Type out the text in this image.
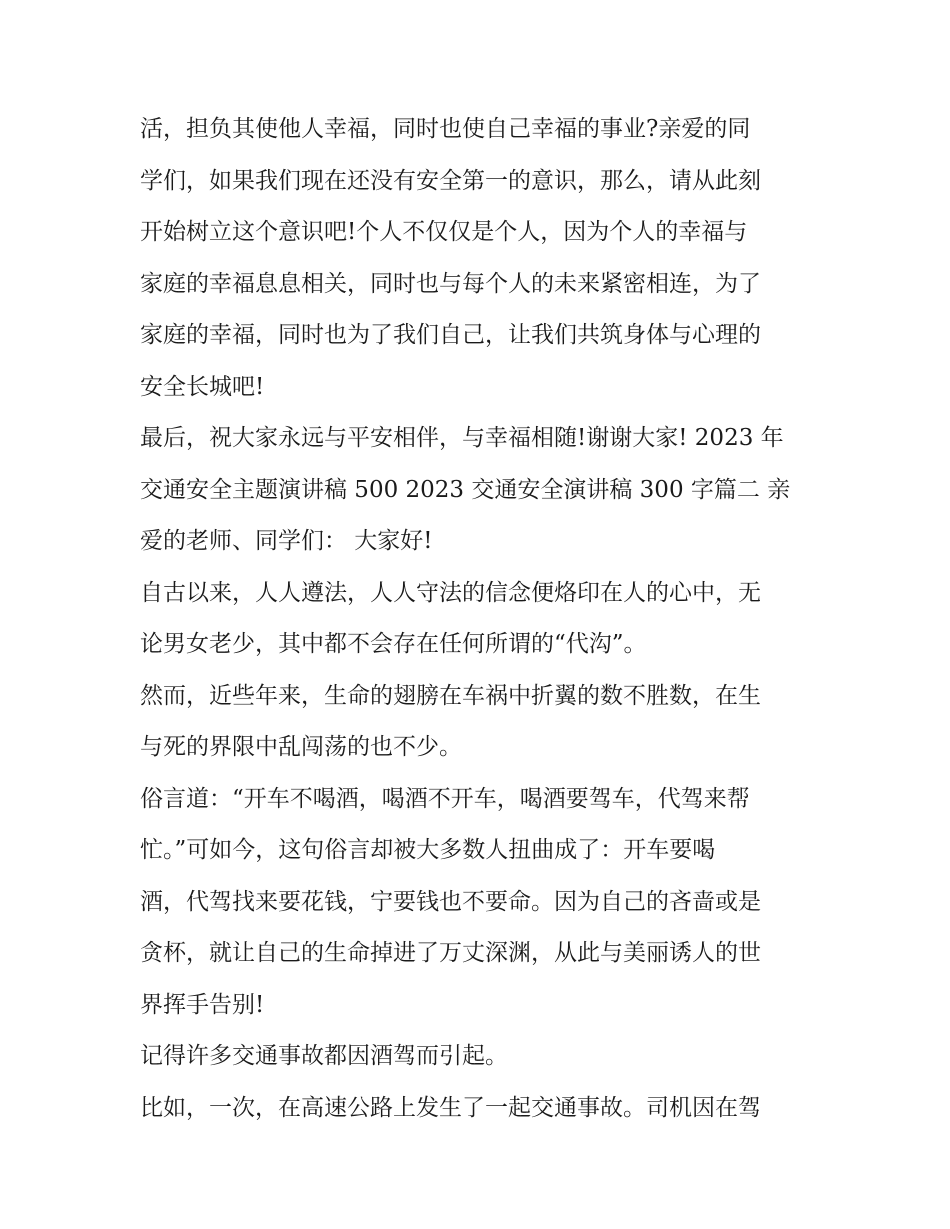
活，担负其使他人幸福，同时也使自己幸福的事业?亲爱的同
学们，如果我们现在还没有安全第一的意识，那么，请从此刻
开始树立这个意识吧!个人不仅仅是个人，因为个人的幸福与
家庭的幸福息息相关，同时也与每个人的未来紧密相连，为了
家庭的幸福，同时也为了我们自己，让我们共筑身体与心理的
安全长城吧!
最后，祝大家永远与平安相伴，与幸福相随!谢谢大家! 2023 年
交通安全主题演讲稿 500 2023 交通安全演讲稿 300 字篇二 亲
爱的老师、同学们： 大家好!
自古以来，人人遵法，人人守法的信念便烙印在人的心中，无
论男女老少，其中都不会存在任何所谓的“代沟”。
然而，近些年来，生命的翅膀在车祸中折翼的数不胜数，在生
与死的界限中乱闯荡的也不少。
俗言道：“开车不喝酒，喝酒不开车，喝酒要驾车，代驾来帮
忙。”可如今，这句俗言却被大多数人扭曲成了：开车要喝
酒，代驾找来要花钱，宁要钱也不要命。因为自己的吝啬或是
贪杯，就让自己的生命掉进了万丈深渊，从此与美丽诱人的世
界挥手告别!
记得许多交通事故都因酒驾而引起。
比如，一次，在高速公路上发生了一起交通事故。司机因在驾
